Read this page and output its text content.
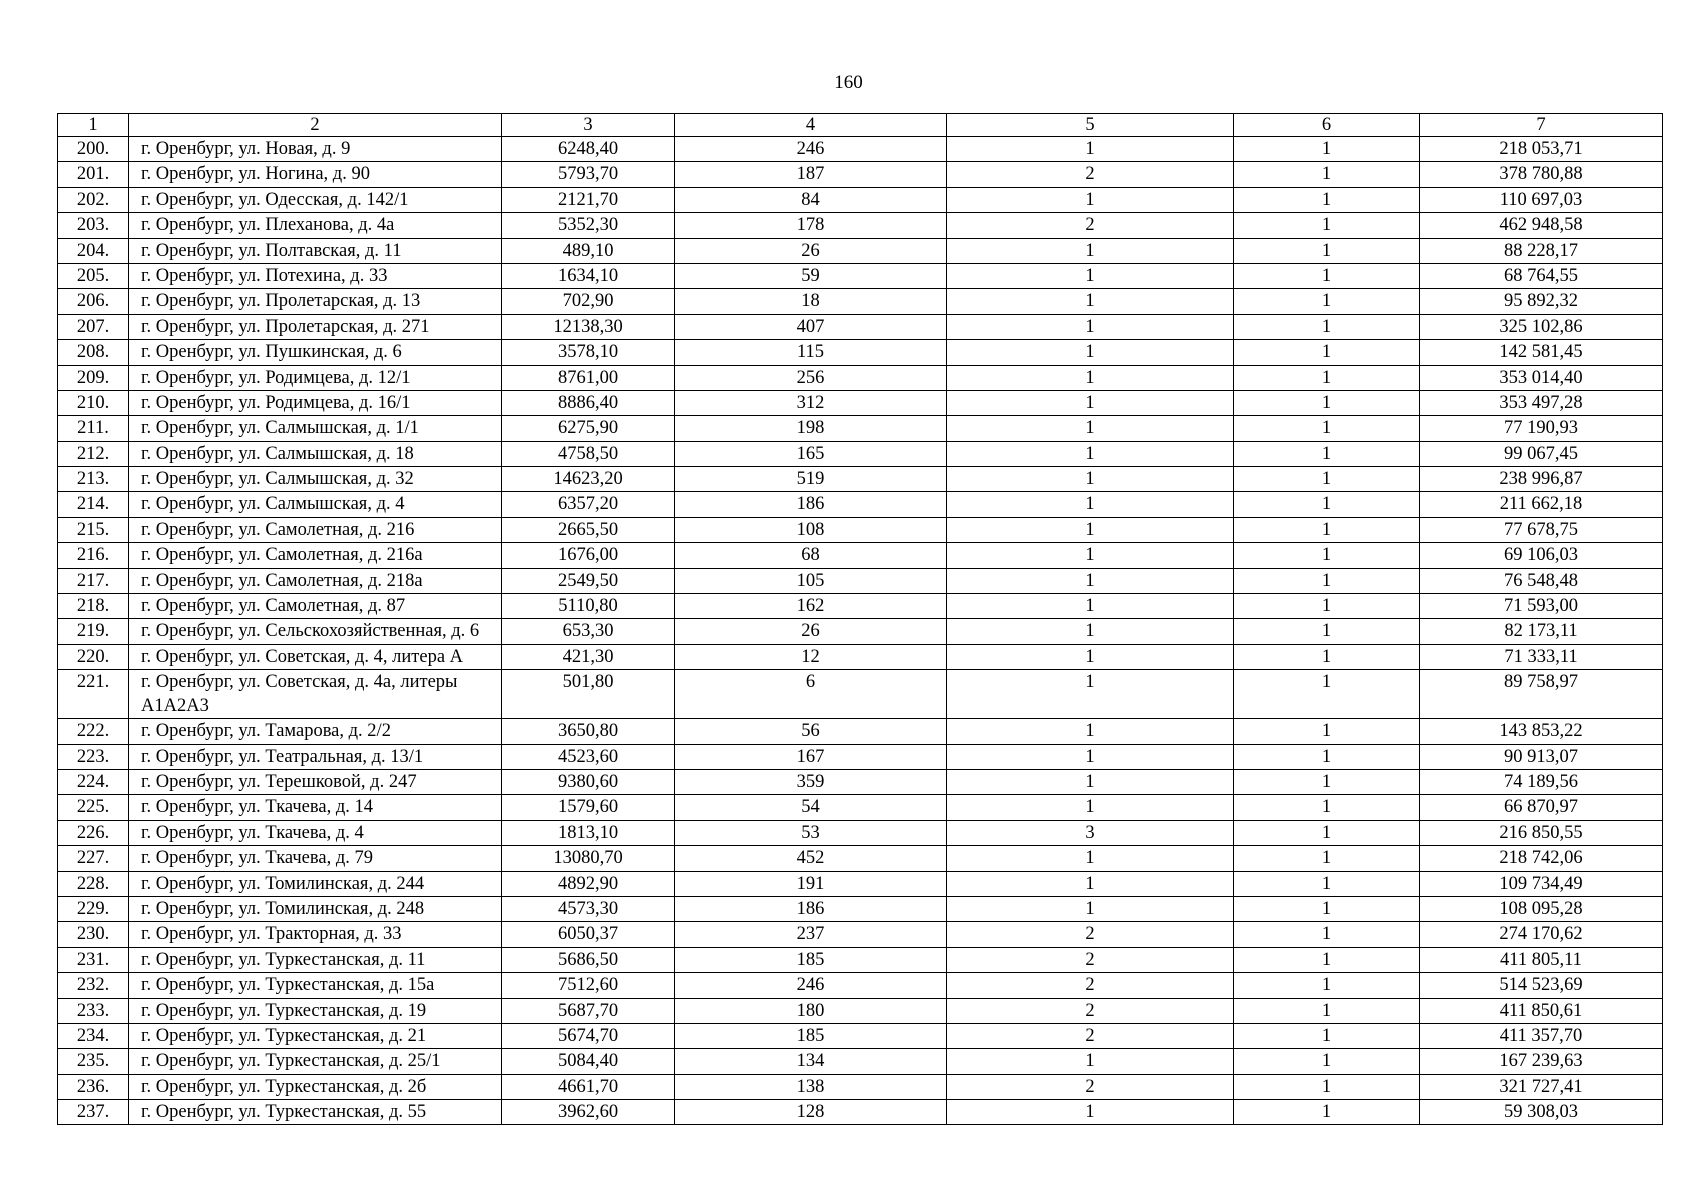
160
1	2	3	4	5	6	7
200.	г. Оренбург, ул. Новая, д. 9	6248,40	246	1	1	218 053,71
201.	г. Оренбург, ул. Ногина, д. 90	5793,70	187	2	1	378 780,88
202.	г. Оренбург, ул. Одесская, д. 142/1	2121,70	84	1	1	110 697,03
203.	г. Оренбург, ул. Плеханова, д. 4а	5352,30	178	2	1	462 948,58
204.	г. Оренбург, ул. Полтавская, д. 11	489,10	26	1	1	88 228,17
205.	г. Оренбург, ул. Потехина, д. 33	1634,10	59	1	1	68 764,55
206.	г. Оренбург, ул. Пролетарская, д. 13	702,90	18	1	1	95 892,32
207.	г. Оренбург, ул. Пролетарская, д. 271	12138,30	407	1	1	325 102,86
208.	г. Оренбург, ул. Пушкинская, д. 6	3578,10	115	1	1	142 581,45
209.	г. Оренбург, ул. Родимцева, д. 12/1	8761,00	256	1	1	353 014,40
210.	г. Оренбург, ул. Родимцева, д. 16/1	8886,40	312	1	1	353 497,28
211.	г. Оренбург, ул. Салмышская, д. 1/1	6275,90	198	1	1	77 190,93
212.	г. Оренбург, ул. Салмышская, д. 18	4758,50	165	1	1	99 067,45
213.	г. Оренбург, ул. Салмышская, д. 32	14623,20	519	1	1	238 996,87
214.	г. Оренбург, ул. Салмышская, д. 4	6357,20	186	1	1	211 662,18
215.	г. Оренбург, ул. Самолетная, д. 216	2665,50	108	1	1	77 678,75
216.	г. Оренбург, ул. Самолетная, д. 216а	1676,00	68	1	1	69 106,03
217.	г. Оренбург, ул. Самолетная, д. 218а	2549,50	105	1	1	76 548,48
218.	г. Оренбург, ул. Самолетная, д. 87	5110,80	162	1	1	71 593,00
219.	г. Оренбург, ул. Сельскохозяйственная, д. 6	653,30	26	1	1	82 173,11
220.	г. Оренбург, ул. Советская, д. 4, литера А	421,30	12	1	1	71 333,11
221.	г. Оренбург, ул. Советская, д. 4а, литеры А1А2А3	501,80	6	1	1	89 758,97
222.	г. Оренбург, ул. Тамарова, д. 2/2	3650,80	56	1	1	143 853,22
223.	г. Оренбург, ул. Театральная, д. 13/1	4523,60	167	1	1	90 913,07
224.	г. Оренбург, ул. Терешковой, д. 247	9380,60	359	1	1	74 189,56
225.	г. Оренбург, ул. Ткачева, д. 14	1579,60	54	1	1	66 870,97
226.	г. Оренбург, ул. Ткачева, д. 4	1813,10	53	3	1	216 850,55
227.	г. Оренбург, ул. Ткачева, д. 79	13080,70	452	1	1	218 742,06
228.	г. Оренбург, ул. Томилинская, д. 244	4892,90	191	1	1	109 734,49
229.	г. Оренбург, ул. Томилинская, д. 248	4573,30	186	1	1	108 095,28
230.	г. Оренбург, ул. Тракторная, д. 33	6050,37	237	2	1	274 170,62
231.	г. Оренбург, ул. Туркестанская, д. 11	5686,50	185	2	1	411 805,11
232.	г. Оренбург, ул. Туркестанская, д. 15а	7512,60	246	2	1	514 523,69
233.	г. Оренбург, ул. Туркестанская, д. 19	5687,70	180	2	1	411 850,61
234.	г. Оренбург, ул. Туркестанская, д. 21	5674,70	185	2	1	411 357,70
235.	г. Оренбург, ул. Туркестанская, д. 25/1	5084,40	134	1	1	167 239,63
236.	г. Оренбург, ул. Туркестанская, д. 2б	4661,70	138	2	1	321 727,41
237.	г. Оренбург, ул. Туркестанская, д. 55	3962,60	128	1	1	59 308,03
